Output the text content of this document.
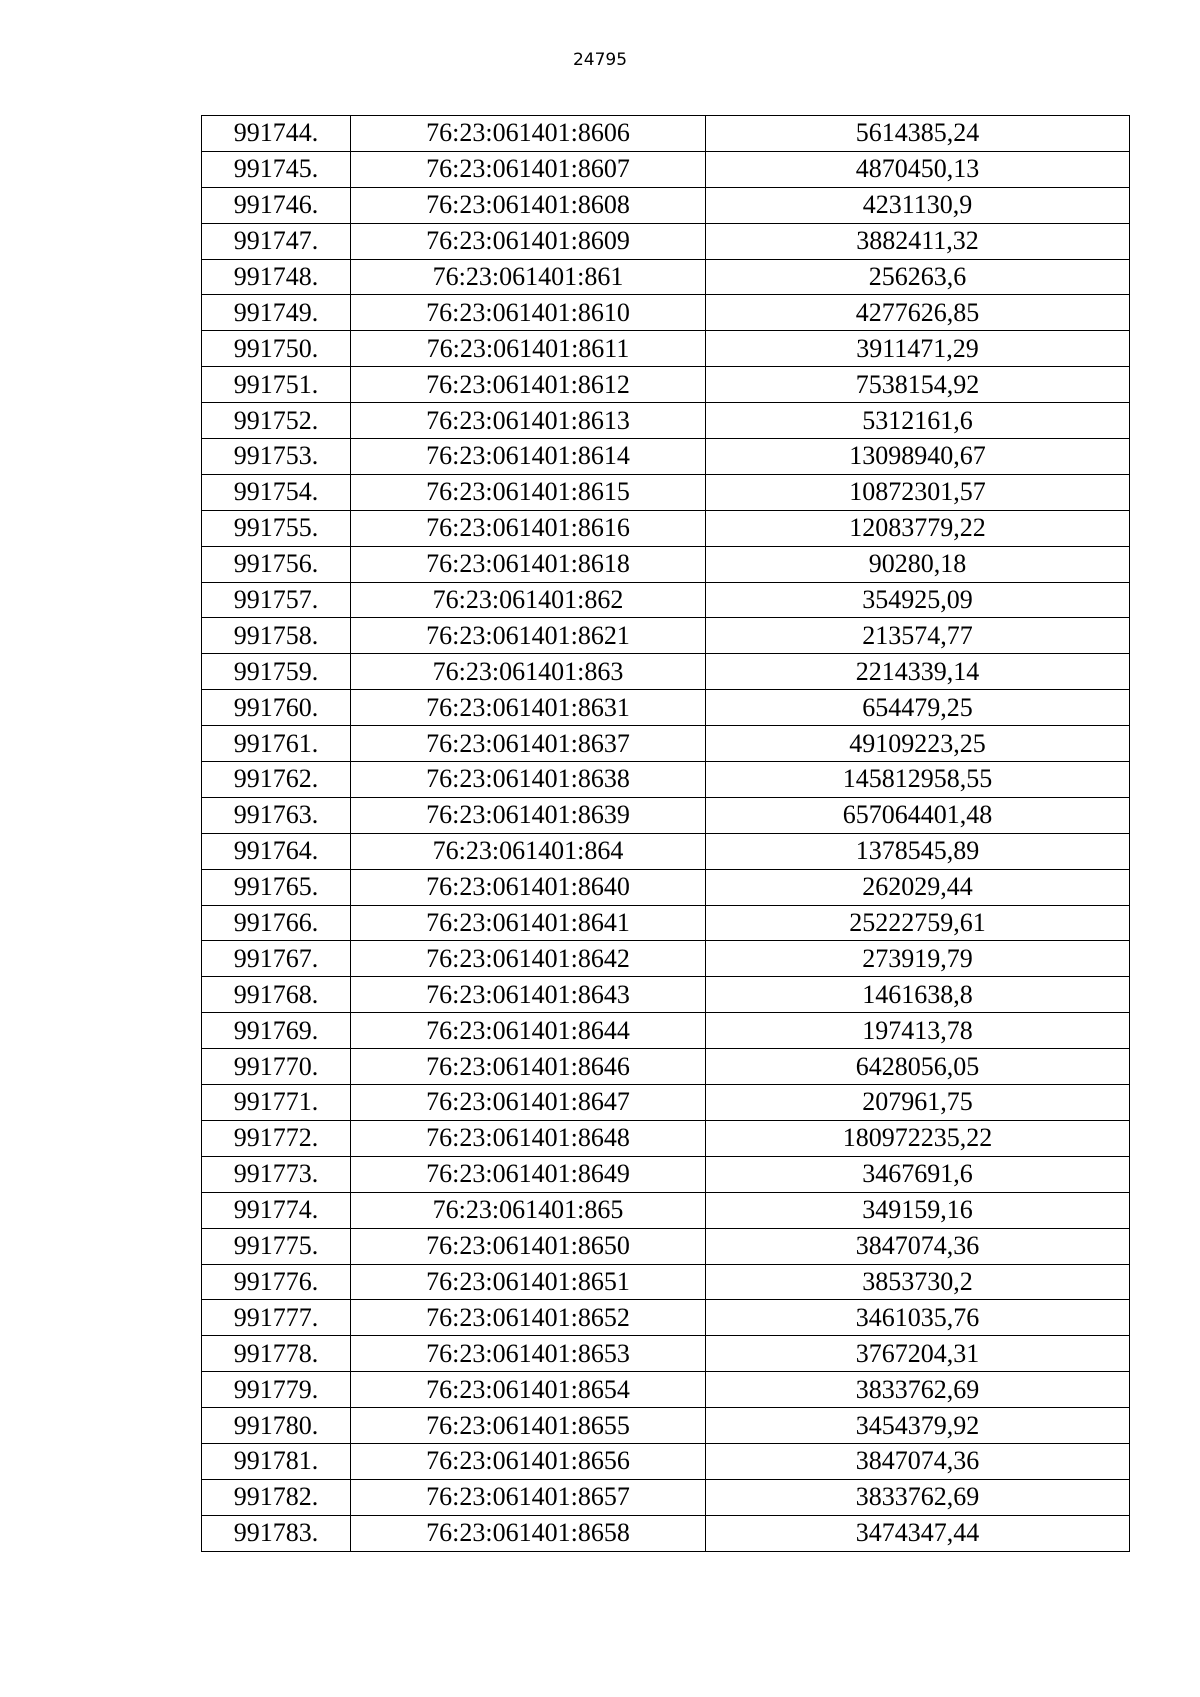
24795
991744.	76:23:061401:8606	5614385,24
991745.	76:23:061401:8607	4870450,13
991746.	76:23:061401:8608	4231130,9
991747.	76:23:061401:8609	3882411,32
991748.	76:23:061401:861	256263,6
991749.	76:23:061401:8610	4277626,85
991750.	76:23:061401:8611	3911471,29
991751.	76:23:061401:8612	7538154,92
991752.	76:23:061401:8613	5312161,6
991753.	76:23:061401:8614	13098940,67
991754.	76:23:061401:8615	10872301,57
991755.	76:23:061401:8616	12083779,22
991756.	76:23:061401:8618	90280,18
991757.	76:23:061401:862	354925,09
991758.	76:23:061401:8621	213574,77
991759.	76:23:061401:863	2214339,14
991760.	76:23:061401:8631	654479,25
991761.	76:23:061401:8637	49109223,25
991762.	76:23:061401:8638	145812958,55
991763.	76:23:061401:8639	657064401,48
991764.	76:23:061401:864	1378545,89
991765.	76:23:061401:8640	262029,44
991766.	76:23:061401:8641	25222759,61
991767.	76:23:061401:8642	273919,79
991768.	76:23:061401:8643	1461638,8
991769.	76:23:061401:8644	197413,78
991770.	76:23:061401:8646	6428056,05
991771.	76:23:061401:8647	207961,75
991772.	76:23:061401:8648	180972235,22
991773.	76:23:061401:8649	3467691,6
991774.	76:23:061401:865	349159,16
991775.	76:23:061401:8650	3847074,36
991776.	76:23:061401:8651	3853730,2
991777.	76:23:061401:8652	3461035,76
991778.	76:23:061401:8653	3767204,31
991779.	76:23:061401:8654	3833762,69
991780.	76:23:061401:8655	3454379,92
991781.	76:23:061401:8656	3847074,36
991782.	76:23:061401:8657	3833762,69
991783.	76:23:061401:8658	3474347,44
